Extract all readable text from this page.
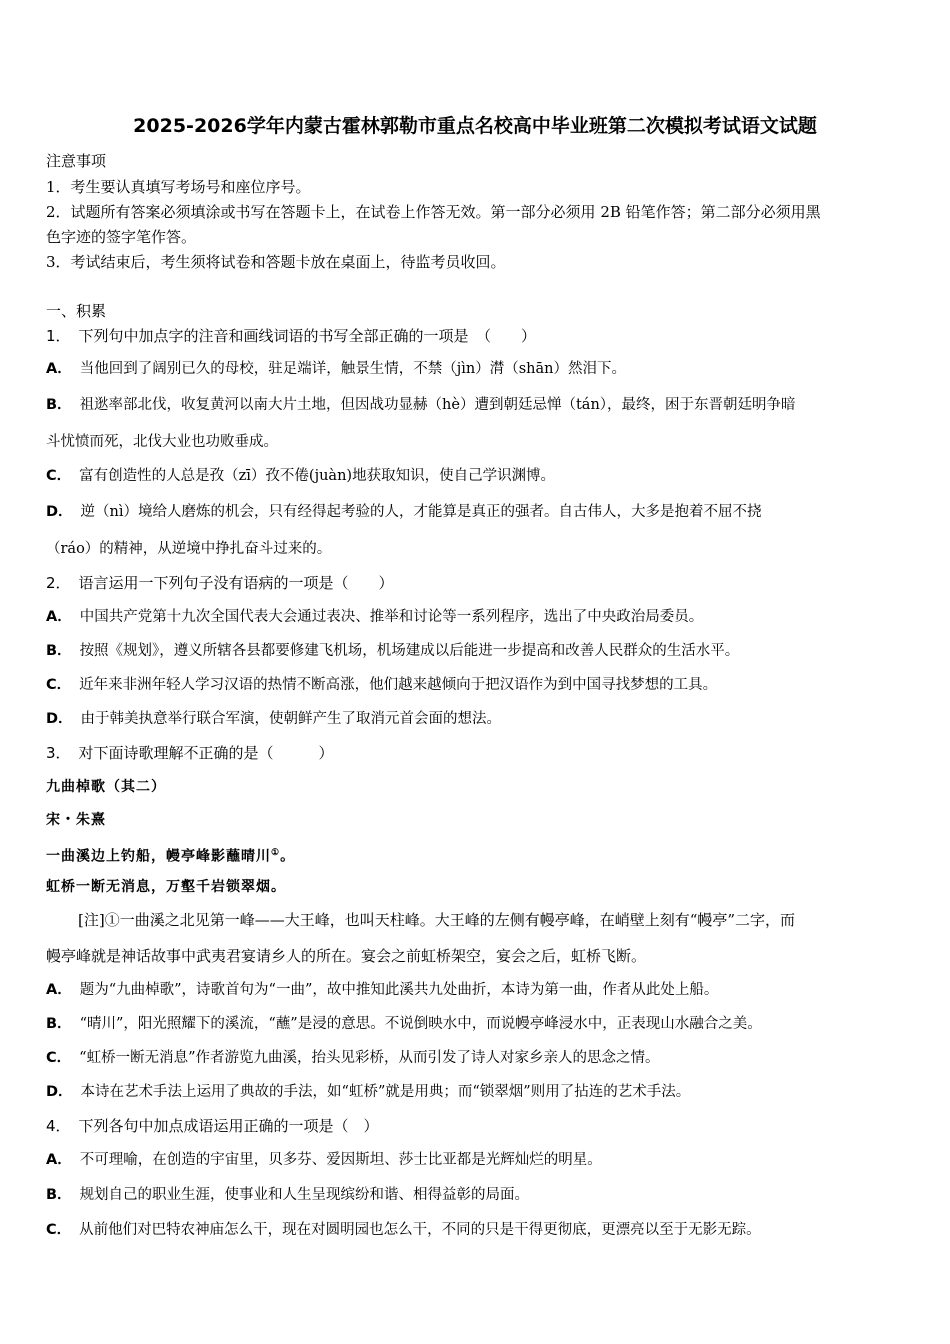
2025-2026学年内蒙古霍林郭勒市重点名校高中毕业班第二次模拟考试语文试题
注意事项
1．考生要认真填写考场号和座位序号。
2．试题所有答案必须填涂或书写在答题卡上，在试卷上作答无效。第一部分必须用 2B 铅笔作答；第二部分必须用黑
色字迹的签字笔作答。
3．考试结束后，考生须将试卷和答题卡放在桌面上，待监考员收回。
一、积累
1． 下列句中加点字的注音和画线词语的书写全部正确的一项是　（　　）
A． 当他回到了阔别已久的母校，驻足端详，触景生情，不禁（jìn）潸（shān）然泪下。
B． 祖逖率部北伐，收复黄河以南大片土地，但因战功显赫（hè）遭到朝廷忌惮（tán），最终，困于东晋朝廷明争暗
斗忧愤而死，北伐大业也功败垂成。
C． 富有创造性的人总是孜（zī）孜不倦(juàn)地获取知识，使自己学识渊博。
D． 逆（nì）境给人磨炼的机会，只有经得起考验的人，才能算是真正的强者。自古伟人，大多是抱着不屈不挠
（ráo）的精神，从逆境中挣扎奋斗过来的。
2． 语言运用一下列句子没有语病的一项是（　　）
A． 中国共产党第十九次全国代表大会通过表决、推举和讨论等一系列程序，选出了中央政治局委员。
B． 按照《规划》，遵义所辖各县都要修建飞机场，机场建成以后能进一步提高和改善人民群众的生活水平。
C． 近年来非洲年轻人学习汉语的热情不断高涨，他们越来越倾向于把汉语作为到中国寻找梦想的工具。
D． 由于韩美执意举行联合军演，使朝鲜产生了取消元首会面的想法。
3． 对下面诗歌理解不正确的是（　　　）
九曲棹歌（其二）
宋・朱熹
一曲溪边上钓船，幔亭峰影蘸晴川①。
虹桥一断无消息，万壑千岩锁翠烟。
[注]①一曲溪之北见第一峰——大王峰，也叫天柱峰。大王峰的左侧有幔亭峰，在峭壁上刻有“幔亭”二字，而
幔亭峰就是神话故事中武夷君宴请乡人的所在。宴会之前虹桥架空，宴会之后，虹桥飞断。
A． 题为“九曲棹歌”，诗歌首句为“一曲”，故中推知此溪共九处曲折，本诗为第一曲，作者从此处上船。
B． “晴川”，阳光照耀下的溪流，“蘸”是浸的意思。不说倒映水中，而说幔亭峰浸水中，正表现山水融合之美。
C． “虹桥一断无消息”作者游览九曲溪，抬头见彩桥，从而引发了诗人对家乡亲人的思念之情。
D． 本诗在艺术手法上运用了典故的手法，如“虹桥”就是用典；而“锁翠烟”则用了拈连的艺术手法。
4． 下列各句中加点成语运用正确的一项是（　）
A． 不可理喻，在创造的宇宙里，贝多芬、爱因斯坦、莎士比亚都是光辉灿烂的明星。
B． 规划自己的职业生涯，使事业和人生呈现缤纷和谐、相得益彰的局面。
C． 从前他们对巴特农神庙怎么干，现在对圆明园也怎么干，不同的只是干得更彻底，更漂亮以至于无影无踪。
